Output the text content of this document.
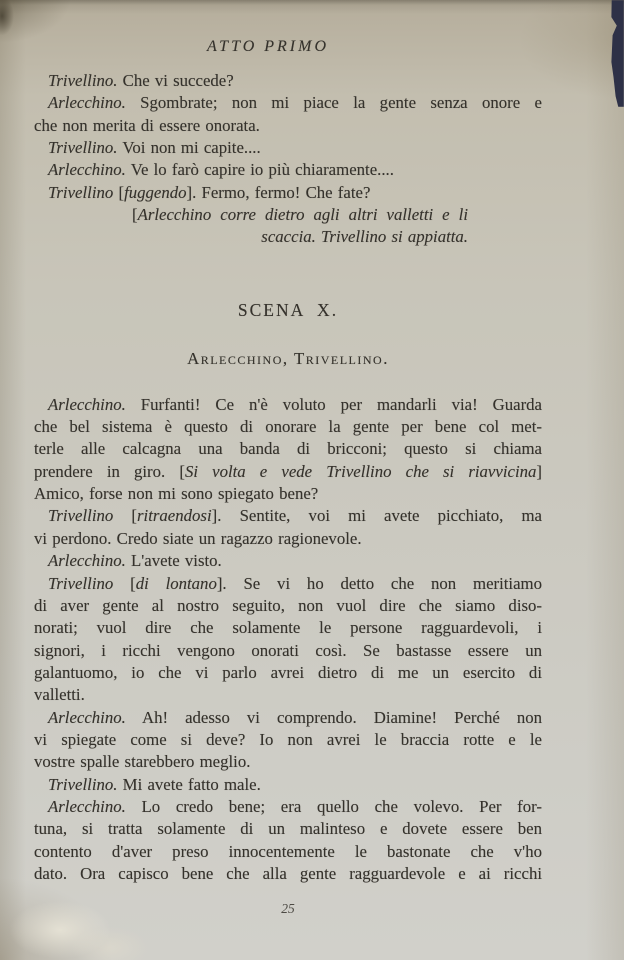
ATTO PRIMO
Trivellino. Che vi succede?
Arlecchino. Sgombrate; non mi piace la gente senza onore e
che non merita di essere onorata.
Trivellino. Voi non mi capite....
Arlecchino. Ve lo farò capire io più chiaramente....
Trivellino [fuggendo]. Fermo, fermo! Che fate?
[Arlecchino corre dietro agli altri valletti e li
scaccia. Trivellino si appiatta.
SCENA  X.
Arlecchino, Trivellino.
Arlecchino. Furfanti! Ce n'è voluto per mandarli via! Guarda
che bel sistema è questo di onorare la gente per bene col met-
terle alle calcagna una banda di bricconi; questo si chiama
prendere in giro. [Si volta e vede Trivellino che si riavvicina]
Amico, forse non mi sono spiegato bene?
Trivellino [ritraendosi]. Sentite, voi mi avete picchiato, ma
vi perdono. Credo siate un ragazzo ragionevole.
Arlecchino. L'avete visto.
Trivellino [di lontano]. Se vi ho detto che non meritiamo
di aver gente al nostro seguito, non vuol dire che siamo diso-
norati; vuol dire che solamente le persone ragguardevoli, i
signori, i ricchi vengono onorati così. Se bastasse essere un
galantuomo, io che vi parlo avrei dietro di me un esercito di
valletti.
Arlecchino. Ah! adesso vi comprendo. Diamine! Perché non
vi spiegate come si deve? Io non avrei le braccia rotte e le
vostre spalle starebbero meglio.
Trivellino. Mi avete fatto male.
Arlecchino. Lo credo bene; era quello che volevo. Per for-
tuna, si tratta solamente di un malinteso e dovete essere ben
contento d'aver preso innocentemente le bastonate che v'ho
dato. Ora capisco bene che alla gente ragguardevole e ai ricchi
25
